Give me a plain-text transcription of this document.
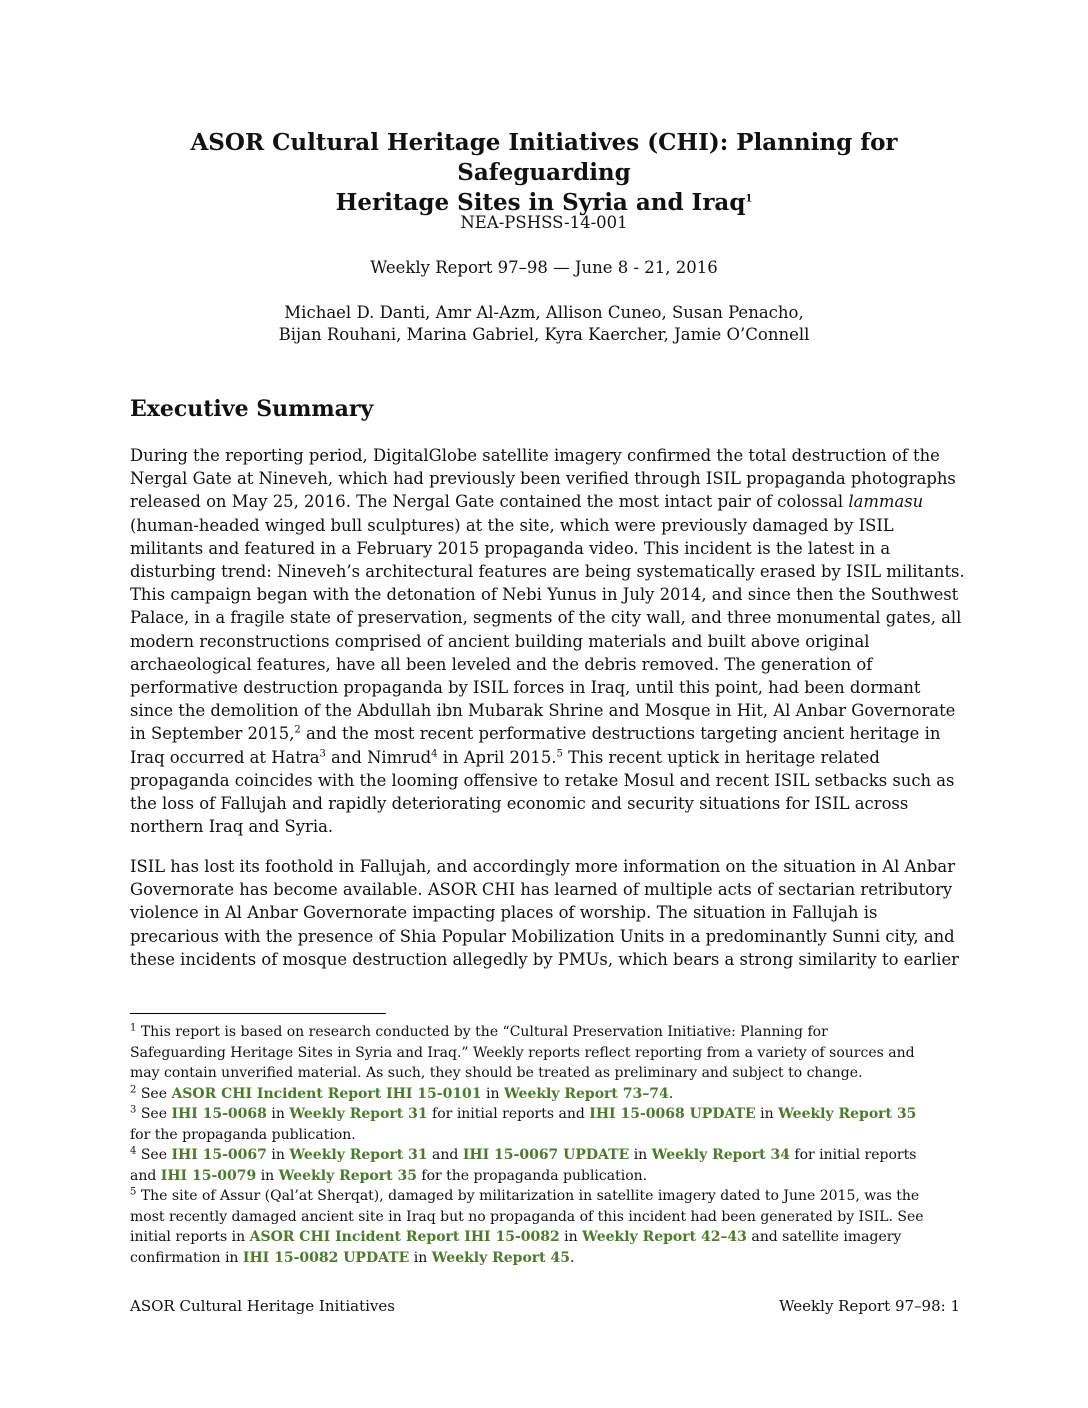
ASOR Cultural Heritage Initiatives (CHI): Planning for Safeguarding
Heritage Sites in Syria and Iraq$^1$
NEA-PSHSS-14-001
Weekly Report 97–98 — June 8 - 21, 2016
Michael D. Danti, Amr Al-Azm, Allison Cuneo, Susan Penacho,
Bijan Rouhani, Marina Gabriel, Kyra Kaercher, Jamie O’Connell
Executive Summary
During the reporting period, DigitalGlobe satellite imagery confirmed the total destruction of the
Nergal Gate at Nineveh, which had previously been verified through ISIL propaganda photographs
released on May 25, 2016. The Nergal Gate contained the most intact pair of colossal lammasu
(human-headed winged bull sculptures) at the site, which were previously damaged by ISIL
militants and featured in a February 2015 propaganda video. This incident is the latest in a
disturbing trend: Nineveh’s architectural features are being systematically erased by ISIL militants.
This campaign began with the detonation of Nebi Yunus in July 2014, and since then the Southwest
Palace, in a fragile state of preservation, segments of the city wall, and three monumental gates, all
modern reconstructions comprised of ancient building materials and built above original
archaeological features, have all been leveled and the debris removed. The generation of
performative destruction propaganda by ISIL forces in Iraq, until this point, had been dormant
since the demolition of the Abdullah ibn Mubarak Shrine and Mosque in Hit, Al Anbar Governorate
in September 2015,$^2$ and the most recent performative destructions targeting ancient heritage in
Iraq occurred at Hatra$^3$ and Nimrud$^4$ in April 2015.$^5$ This recent uptick in heritage related
propaganda coincides with the looming offensive to retake Mosul and recent ISIL setbacks such as
the loss of Fallujah and rapidly deteriorating economic and security situations for ISIL across
northern Iraq and Syria.
ISIL has lost its foothold in Fallujah, and accordingly more information on the situation in Al Anbar
Governorate has become available. ASOR CHI has learned of multiple acts of sectarian retributory
violence in Al Anbar Governorate impacting places of worship. The situation in Fallujah is
precarious with the presence of Shia Popular Mobilization Units in a predominantly Sunni city, and
these incidents of mosque destruction allegedly by PMUs, which bears a strong similarity to earlier
$^1$ This report is based on research conducted by the “Cultural Preservation Initiative: Planning for
Safeguarding Heritage Sites in Syria and Iraq.” Weekly reports reflect reporting from a variety of sources and
may contain unverified material. As such, they should be treated as preliminary and subject to change.
$^2$ See ASOR CHI Incident Report IHI 15-0101 in Weekly Report 73–74.
$^3$ See IHI 15-0068 in Weekly Report 31 for initial reports and IHI 15-0068 UPDATE in Weekly Report 35
for the propaganda publication.
$^4$ See IHI 15-0067 in Weekly Report 31 and IHI 15-0067 UPDATE in Weekly Report 34 for initial reports
and IHI 15-0079 in Weekly Report 35 for the propaganda publication.
$^5$ The site of Assur (Qal’at Sherqat), damaged by militarization in satellite imagery dated to June 2015, was the
most recently damaged ancient site in Iraq but no propaganda of this incident had been generated by ISIL. See
initial reports in ASOR CHI Incident Report IHI 15-0082 in Weekly Report 42–43 and satellite imagery
confirmation in IHI 15-0082 UPDATE in Weekly Report 45.
ASOR Cultural Heritage Initiatives	Weekly Report 97–98: 1
